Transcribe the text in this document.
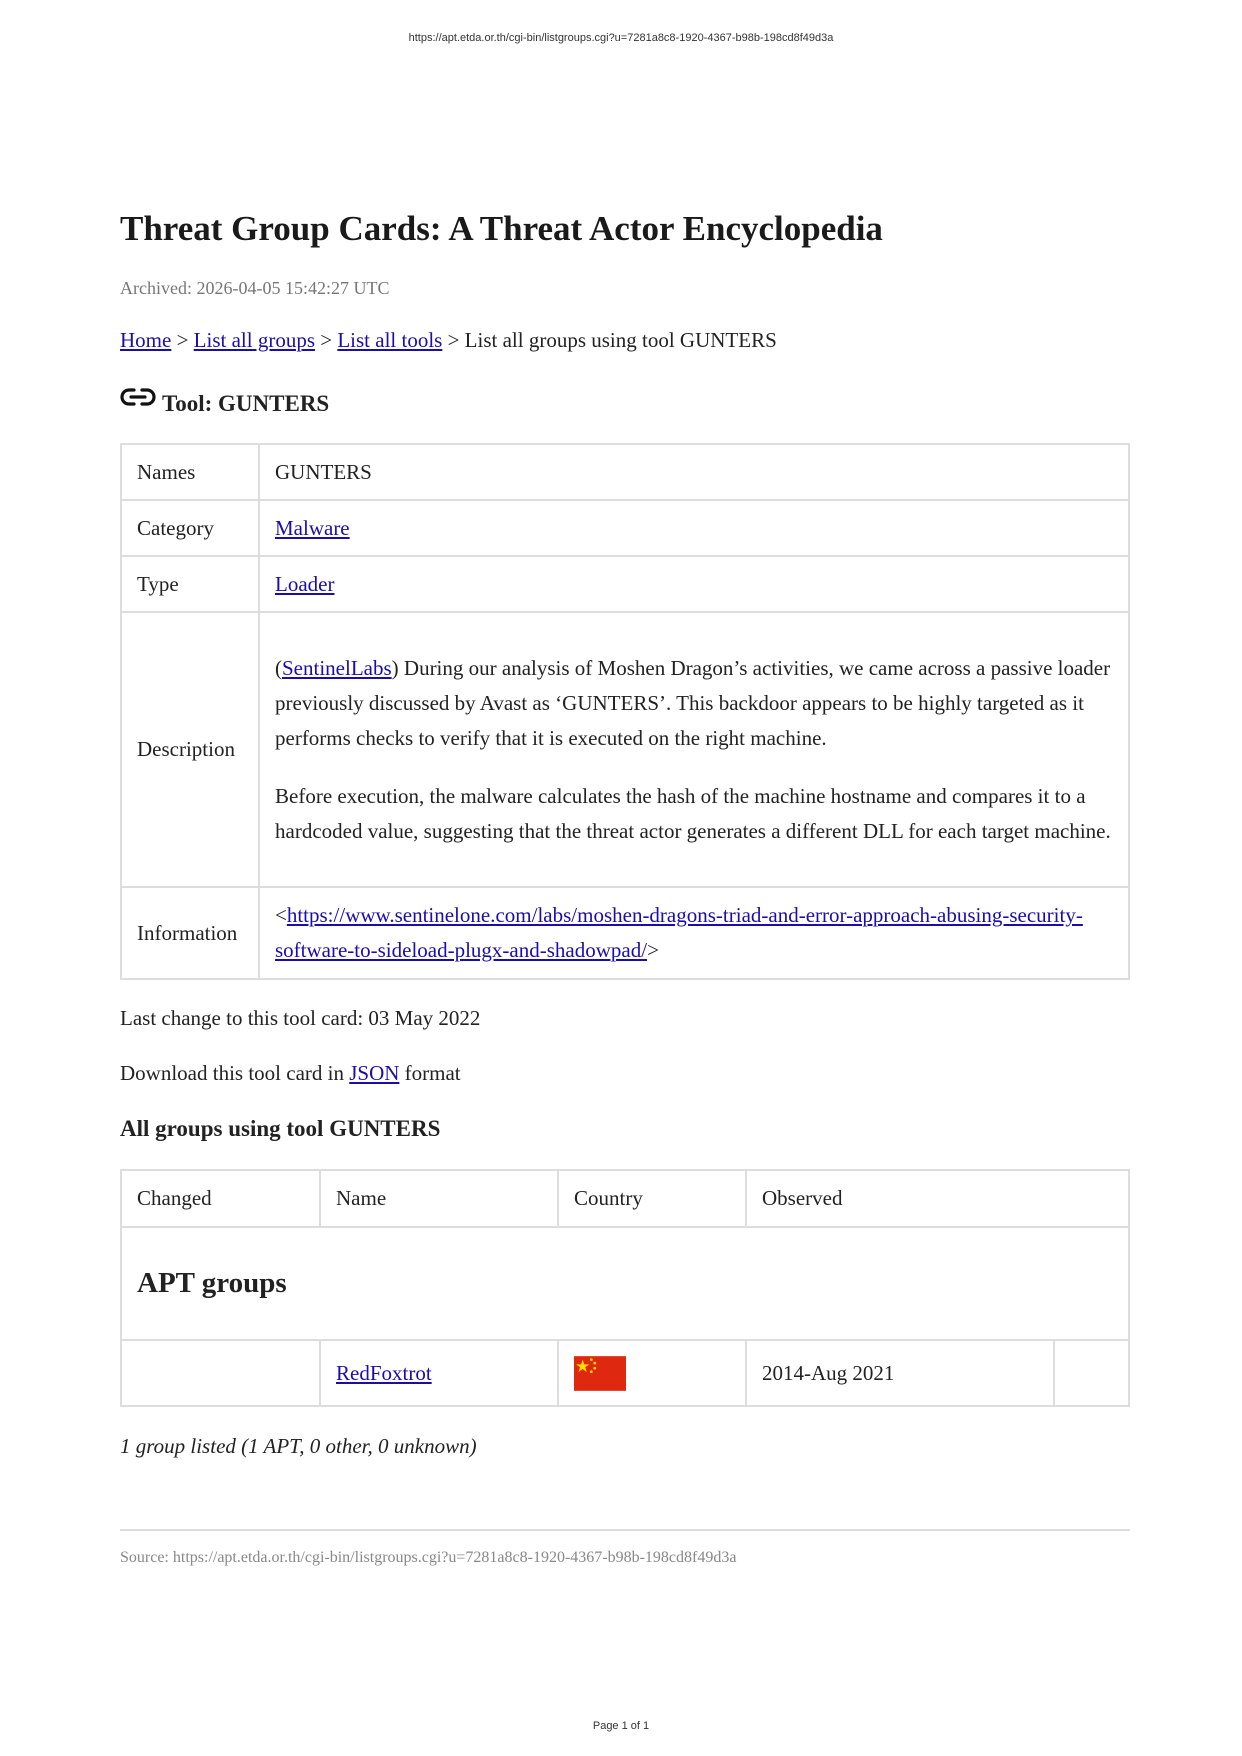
https://apt.etda.or.th/cgi-bin/listgroups.cgi?u=7281a8c8-1920-4367-b98b-198cd8f49d3a
Threat Group Cards: A Threat Actor Encyclopedia
Archived: 2026-04-05 15:42:27 UTC
Home > List all groups > List all tools > List all groups using tool GUNTERS
Tool: GUNTERS
Names	GUNTERS
Category	Malware
Type	Loader
Description	(SentinelLabs) During our analysis of Moshen Dragon’s activities, we came across a passive loader previously discussed by Avast as ‘GUNTERS’. This backdoor appears to be highly targeted as it performs checks to verify that it is executed on the right machine.

Before execution, the malware calculates the hash of the machine hostname and compares it to a hardcoded value, suggesting that the threat actor generates a different DLL for each target machine.

Information	<https://www.sentinelone.com/labs/moshen-dragons-triad-and-error-approach-abusing-security-software-to-sideload-plugx-and-shadowpad/>
Last change to this tool card: 03 May 2022
Download this tool card in JSON format
All groups using tool GUNTERS
Changed	Name	Country	Observed	
APT groups				
	RedFoxtrot		2014-Aug 2021	
1 group listed (1 APT, 0 other, 0 unknown)
Source: https://apt.etda.or.th/cgi-bin/listgroups.cgi?u=7281a8c8-1920-4367-b98b-198cd8f49d3a
Page 1 of 1
